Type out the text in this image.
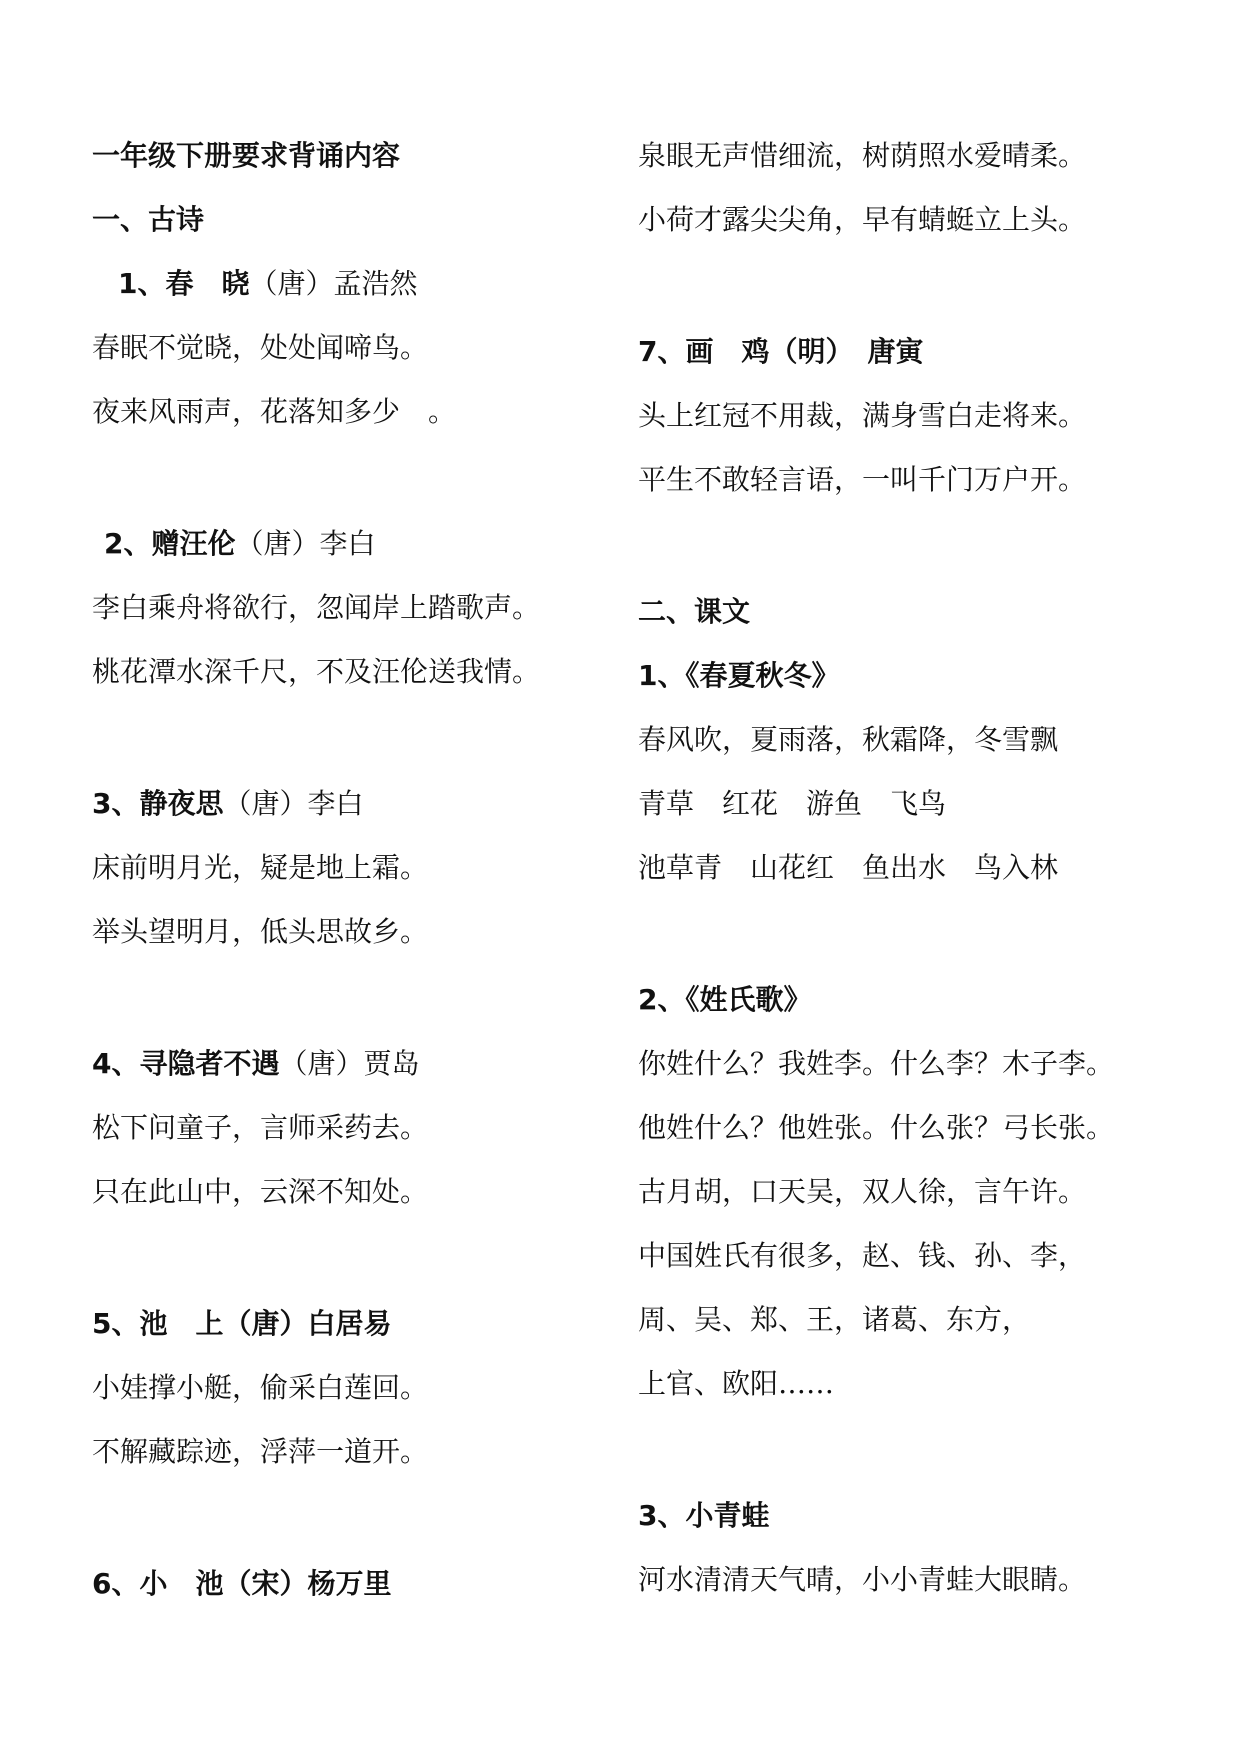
一年级下册要求背诵内容
一、古诗
1、春　晓（唐）孟浩然
春眠不觉晓，处处闻啼鸟。
夜来风雨声，花落知多少　。
2、赠汪伦（唐）李白
李白乘舟将欲行，忽闻岸上踏歌声。
桃花潭水深千尺，不及汪伦送我情。
3、静夜思（唐）李白
床前明月光，疑是地上霜。
举头望明月，低头思故乡。
4、寻隐者不遇（唐）贾岛
松下问童子，言师采药去。
只在此山中，云深不知处。
5、池　上（唐）白居易
小娃撑小艇，偷采白莲回。
不解藏踪迹，浮萍一道开。
6、小　池（宋）杨万里
泉眼无声惜细流，树荫照水爱晴柔。
小荷才露尖尖角，早有蜻蜓立上头。
7、画　鸡（明）　唐寅
头上红冠不用裁，满身雪白走将来。
平生不敢轻言语，一叫千门万户开。
二、课文
1、《春夏秋冬》
春风吹，夏雨落，秋霜降，冬雪飘
青草　红花　游鱼　飞鸟
池草青　山花红　鱼出水　鸟入林
2、《姓氏歌》
你姓什么？我姓李。什么李？木子李。
他姓什么？他姓张。什么张？弓长张。
古月胡，口天吴，双人徐，言午许。
中国姓氏有很多，赵、钱、孙、李，
周、吴、郑、王，诸葛、东方，
上官、欧阳……
3、小青蛙
河水清清天气晴，小小青蛙大眼睛。
